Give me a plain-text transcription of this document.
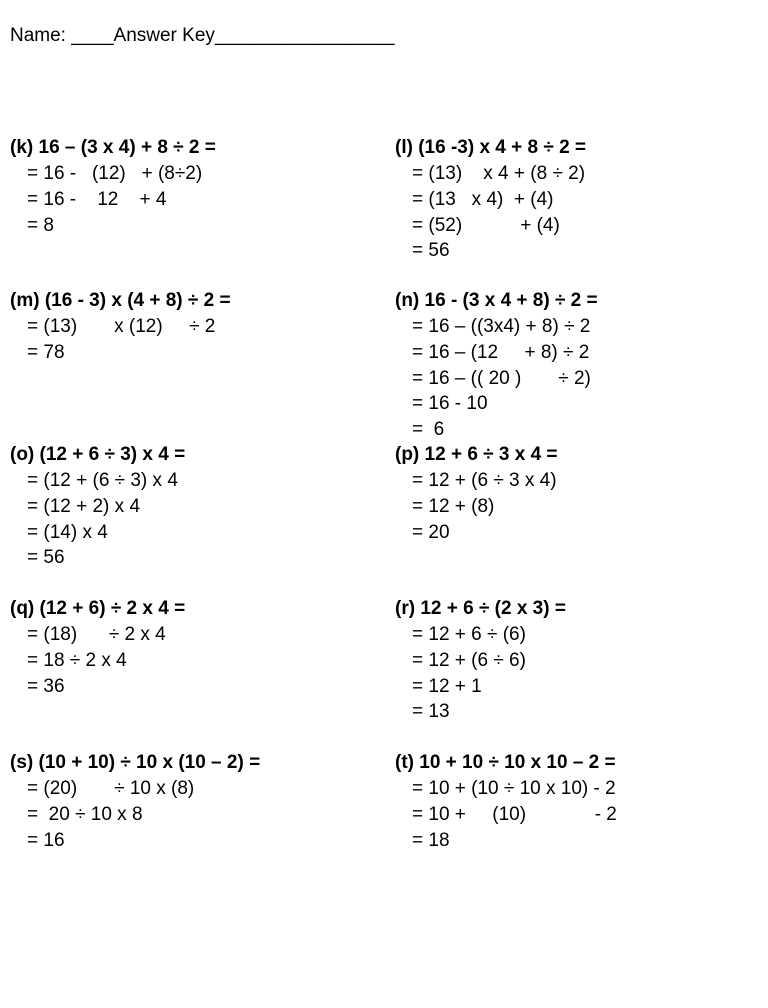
Name: ____Answer Key_________________
(k) 16 – (3 x 4) + 8 ÷ 2 =
= 16 -   (12)   + (8÷2)
= 16 -    12    + 4
= 8
(m) (16 - 3) x (4 + 8) ÷ 2 =
= (13)       x (12)     ÷ 2
= 78
(o) (12 + 6 ÷ 3) x 4 =
= (12 + (6 ÷ 3) x 4
= (12 + 2) x 4
= (14) x 4
= 56
(q) (12 + 6) ÷ 2 x 4 =
= (18)      ÷ 2 x 4
= 18 ÷ 2 x 4
= 36
(s) (10 + 10) ÷ 10 x (10 – 2) =
= (20)       ÷ 10 x (8)
=  20 ÷ 10 x 8
= 16
(l) (16 -3) x 4 + 8 ÷ 2 =
= (13)    x 4 + (8 ÷ 2)
= (13   x 4)  + (4)
= (52)           + (4)
= 56
(n) 16 - (3 x 4 + 8) ÷ 2 =
= 16 – ((3x4) + 8) ÷ 2
= 16 – (12     + 8) ÷ 2
= 16 – (( 20 )       ÷ 2)
= 16 - 10
=  6
(p) 12 + 6 ÷ 3 x 4 =
= 12 + (6 ÷ 3 x 4)
= 12 + (8)
= 20
(r) 12 + 6 ÷ (2 x 3) =
= 12 + 6 ÷ (6)
= 12 + (6 ÷ 6)
= 12 + 1
= 13
(t) 10 + 10 ÷ 10 x 10 – 2 =
= 10 + (10 ÷ 10 x 10) - 2
= 10 +     (10)             - 2
= 18
